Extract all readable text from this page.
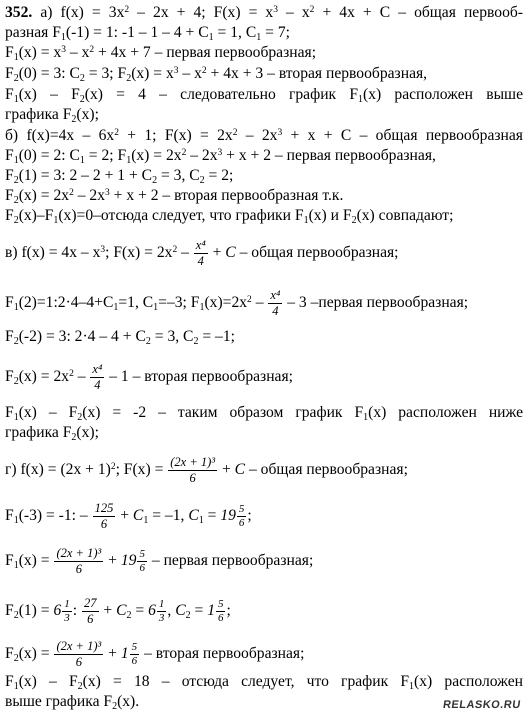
352. а) $f(x) = 3x^2 - 2x + 4$; $F(x) = x^3 - x^2 + 4x + C$ – общая первооб-
разная $F_1(-1) = 1$: $-1 - 1 - 4 + C_1 = 1$, $C_1 = 7$;
$F_1(x) = x^3 - x^2 + 4x + 7$ – первая первообразная;
$F_2(0) = 3$: $C_2 = 3$; $F_2(x) = x^3 - x^2 + 4x + 3$ – вторая первообразная,
$F_1(x) - F_2(x) = 4$ – следовательно график $F_1(x)$ расположен выше
графика $F_2(x)$;
б) $f(x)=4x - 6x^2 + 1$; $F(x) = 2x^2 - 2x^3 + x + C$ – общая первообразная
$F_1(0) = 2$: $C_1 = 2$; $F_1(x) = 2x^2 - 2x^3 + x + 2$ – первая первообразная,
$F_2(1) = 3$: $2 - 2 + 1 + C_2 = 3$, $C_2 = 2$;
$F_2(x) = 2x^2 - 2x^3 + x + 2$ – вторая первообразная т.к.
$F_2(x)-F_1(x)=0$–отсюда следует, что графики $F_1(x)$ и $F_2(x)$ совпадают;
в) $f(x) = 4x - x^3$; $F(x) = 2x^2 - \frac{\text{x⁴}}{4} + C$ – общая первообразная;
$F_1(2)=1:2\cdot 4-4+C_1=1$, $C_1=-3$; $F_1(x)=2x^2 - \frac{\text{x⁴}}{4} - 3$ –первая первообразная;
$F_2(-2) = 3$: $2\cdot 4 - 4 + C_2 = 3$, $C_2 = -1$;
$F_2(x) = 2x^2 - \frac{\text{x⁴}}{4} - 1$ – вторая первообразная;
$F_1(x) - F_2(x) = -2$ – таким образом график $F_1(x)$ расположен ниже
графика $F_2(x)$;
г) $f(x) = (2x + 1)^2$; $F(x) = \frac{\text{(2x + 1)³}}{6} + C$ – общая первообразная;
$F_1(-3) = -1$: – $\frac{125}{6} + C_1 = -1$, $C_1 = 19 \frac{5}{6}$ ;
$F_1(x) = \frac{\text{(2x + 1)³}}{6} + 19 \frac{5}{6}$ – первая первообразная;
$F_2(1) = 6 \frac{1}{3}$ : $\frac{27}{6} + C_2 = 6 \frac{1}{3}$ , $C_2 = 1 \frac{5}{6}$ ;
$F_2(x) = \frac{\text{(2x + 1)³}}{6} + 1 \frac{5}{6}$ – вторая первообразная;
$F_1(x) - F_2(x) = 18$ – отсюда следует, что график $F_1(x)$ расположен
выше графика $F_2(x)$.	RELASKO.RU
